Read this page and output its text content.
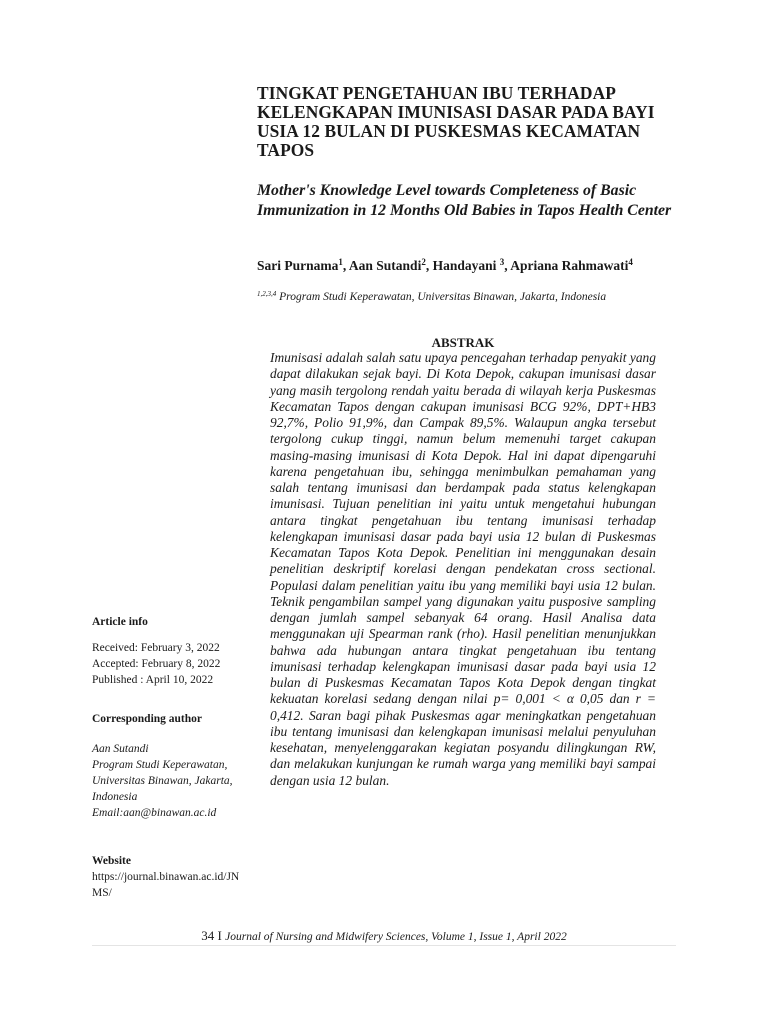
TINGKAT PENGETAHUAN IBU TERHADAP KELENGKAPAN IMUNISASI DASAR PADA BAYI USIA 12 BULAN DI PUSKESMAS KECAMATAN TAPOS
Mother's Knowledge Level towards Completeness of Basic Immunization in 12 Months Old Babies in Tapos Health Center
Sari Purnama$^1$, Aan Sutandi$^2$, Handayani $^3$, Apriana Rahmawati$^4$
$^{1,2,3,4}$ Program Studi Keperawatan, Universitas Binawan, Jakarta, Indonesia
ABSTRAK

Imunisasi adalah salah satu upaya pencegahan terhadap penyakit yang dapat dilakukan sejak bayi. Di Kota Depok, cakupan imunisasi dasar yang masih tergolong rendah yaitu berada di wilayah kerja Puskesmas Kecamatan Tapos dengan cakupan imunisasi BCG 92%, DPT+HB3 92,7%, Polio 91,9%, dan Campak 89,5%. Walaupun angka tersebut tergolong cukup tinggi, namun belum memenuhi target cakupan masing-masing imunisasi di Kota Depok. Hal ini dapat dipengaruhi karena pengetahuan ibu, sehingga menimbulkan pemahaman yang salah tentang imunisasi dan berdampak pada status kelengkapan imunisasi. Tujuan penelitian ini yaitu untuk mengetahui hubungan antara tingkat pengetahuan ibu tentang imunisasi terhadap kelengkapan imunisasi dasar pada bayi usia 12 bulan di Puskesmas Kecamatan Tapos Kota Depok. Penelitian ini menggunakan desain penelitian deskriptif korelasi dengan pendekatan cross sectional. Populasi dalam penelitian yaitu ibu yang memiliki bayi usia 12 bulan. Teknik pengambilan sampel yang digunakan yaitu pusposive sampling dengan jumlah sampel sebanyak 64 orang. Hasil Analisa data menggunakan uji Spearman rank (rho). Hasil penelitian menunjukkan bahwa ada hubungan antara tingkat pengetahuan ibu tentang imunisasi terhadap kelengkapan imunisasi dasar pada bayi usia 12 bulan di Puskesmas Kecamatan Tapos Kota Depok dengan tingkat kekuatan korelasi sedang dengan nilai p= 0,001 < α 0,05 dan r = 0,412. Saran bagi pihak Puskesmas agar meningkatkan pengetahuan ibu tentang imunisasi dan kelengkapan imunisasi melalui penyuluhan kesehatan, menyelenggarakan kegiatan posyandu dilingkungan RW, dan melakukan kunjungan ke rumah warga yang memiliki bayi sampai dengan usia 12 bulan.

Article info

Received: February 3, 2022

Accepted: February 8, 2022

Published : April 10, 2022

Corresponding author

Aan Sutandi

Program Studi Keperawatan,

Universitas Binawan, Jakarta,

Indonesia

Email:aan@binawan.ac.id

Website

https://journal.binawan.ac.id/JNMS/

34 I Journal of Nursing and Midwifery Sciences, Volume 1, Issue 1, April 2022
